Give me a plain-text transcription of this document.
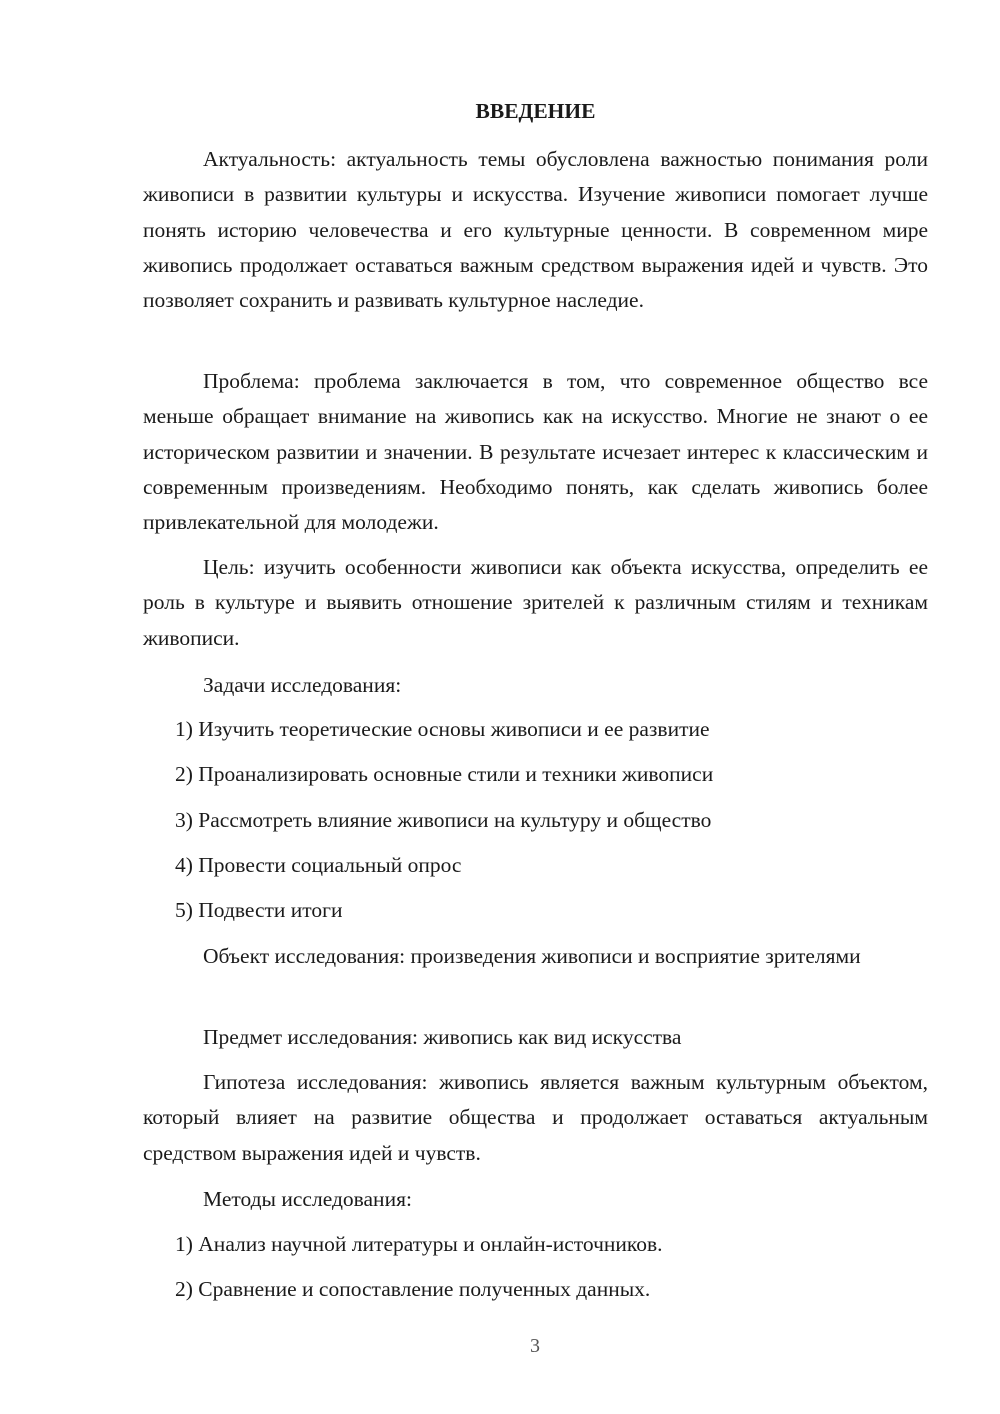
ВВЕДЕНИЕ

Актуальность: актуальность темы обусловлена важностью понимания роли живописи в развитии культуры и искусства. Изучение живописи помогает лучше понять историю человечества и его культурные ценности. В современном мире живопись продолжает оставаться важным средством выражения идей и чувств. Это позволяет сохранить и развивать культурное наследие.

Проблема: проблема заключается в том, что современное общество все меньше обращает внимание на живопись как на искусство. Многие не знают о ее историческом развитии и значении. В результате исчезает интерес к классическим и современным произведениям. Необходимо понять, как сделать живопись более привлекательной для молодежи.

Цель: изучить особенности живописи как объекта искусства, определить ее роль в культуре и выявить отношение зрителей к различным стилям и техникам живописи.

Задачи исследования:

1) Изучить теоретические основы живописи и ее развитие

2) Проанализировать основные стили и техники живописи

3) Рассмотреть влияние живописи на культуру и общество

4) Провести социальный опрос

5) Подвести итоги

Объект исследования: произведения живописи и восприятие зрителями

Предмет исследования: живопись как вид искусства

Гипотеза исследования: живопись является важным культурным объектом, который влияет на развитие общества и продолжает оставаться актуальным средством выражения идей и чувств.

Методы исследования:

1) Анализ научной литературы и онлайн-источников.

2) Сравнение и сопоставление полученных данных.

3
